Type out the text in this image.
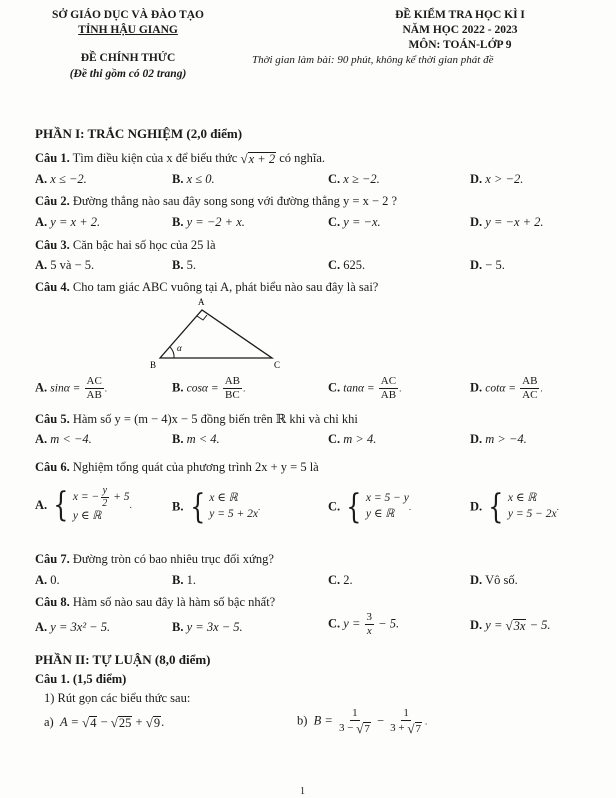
SỞ GIÁO DỤC VÀ ĐÀO TẠO
TỈNH HẬU GIANG
ĐỀ KIỂM TRA HỌC KÌ I
NĂM HỌC 2022 - 2023
MÔN: TOÁN-LỚP 9
ĐỀ CHÍNH THỨC	Thời gian làm bài: 90 phút, không kể thời gian phát đề
(Đề thi gồm có 02 trang)
PHẦN I: TRẮC NGHIỆM (2,0 điểm)
Câu 1. Tìm điều kiện của x để biểu thức √ x + 2 có nghĩa.
A. x ≤ −2.	B. x ≤ 0.	C. x ≥ −2.	D. x > −2.
Câu 2. Đường thẳng nào sau đây song song với đường thẳng y = x − 2 ?
A. y = x + 2.	B. y = −2 + x.	C. y = −x.	D. y = −x + 2.
Câu 3. Căn bậc hai số học của 25 là
A. 5 và − 5.	B. 5.	C. 625.	D. − 5.
Câu 4. Cho tam giác ABC vuông tại A, phát biểu nào sau đây là sai?
A
B	C
α
A. $\sin\alpha = \frac{AC}{AB}$ .	B. $\cos\alpha = \frac{AB}{BC}$ .	C. $\tan\alpha = \frac{AC}{AB}$ .	D. $\cot\alpha = \frac{AB}{AC}$ .
Câu 5. Hàm số y = (m − 4)x − 5 đồng biến trên ℝ khi và chỉ khi
A. m < −4.	B. m < 4.	C. m > 4.	D. m > −4.
Câu 6. Nghiệm tổng quát của phương trình 2x + y = 5 là
A. { x = − $\frac{y}{2} + 5$
y ∈ ℝ
.	B. { x ∈ ℝ
y = 5 + 2x
.	C. { x = 5 − y
y ∈ ℝ
.	D. { x ∈ ℝ
y = 5 − 2x
.
Câu 7. Đường tròn có bao nhiêu trục đối xứng?
A. 0.	B. 1.	C. 2.	D. Vô số.
Câu 8. Hàm số nào sau đây là hàm số bậc nhất?
A. y = 3x² − 5.	B. y = 3x − 5.	C. $y = \frac{3}{x} - 5$.	D. y = √ 3x − 5.
PHẦN II: TỰ LUẬN (8,0 điểm)
Câu 1. (1,5 điểm)
1) Rút gọn các biểu thức sau:
a) A = √ 4 − √ 25 + √ 9 .	b) $B = \frac{1}{3 - √ 7} - \frac{1}{3 + √ 7}$ .
1
